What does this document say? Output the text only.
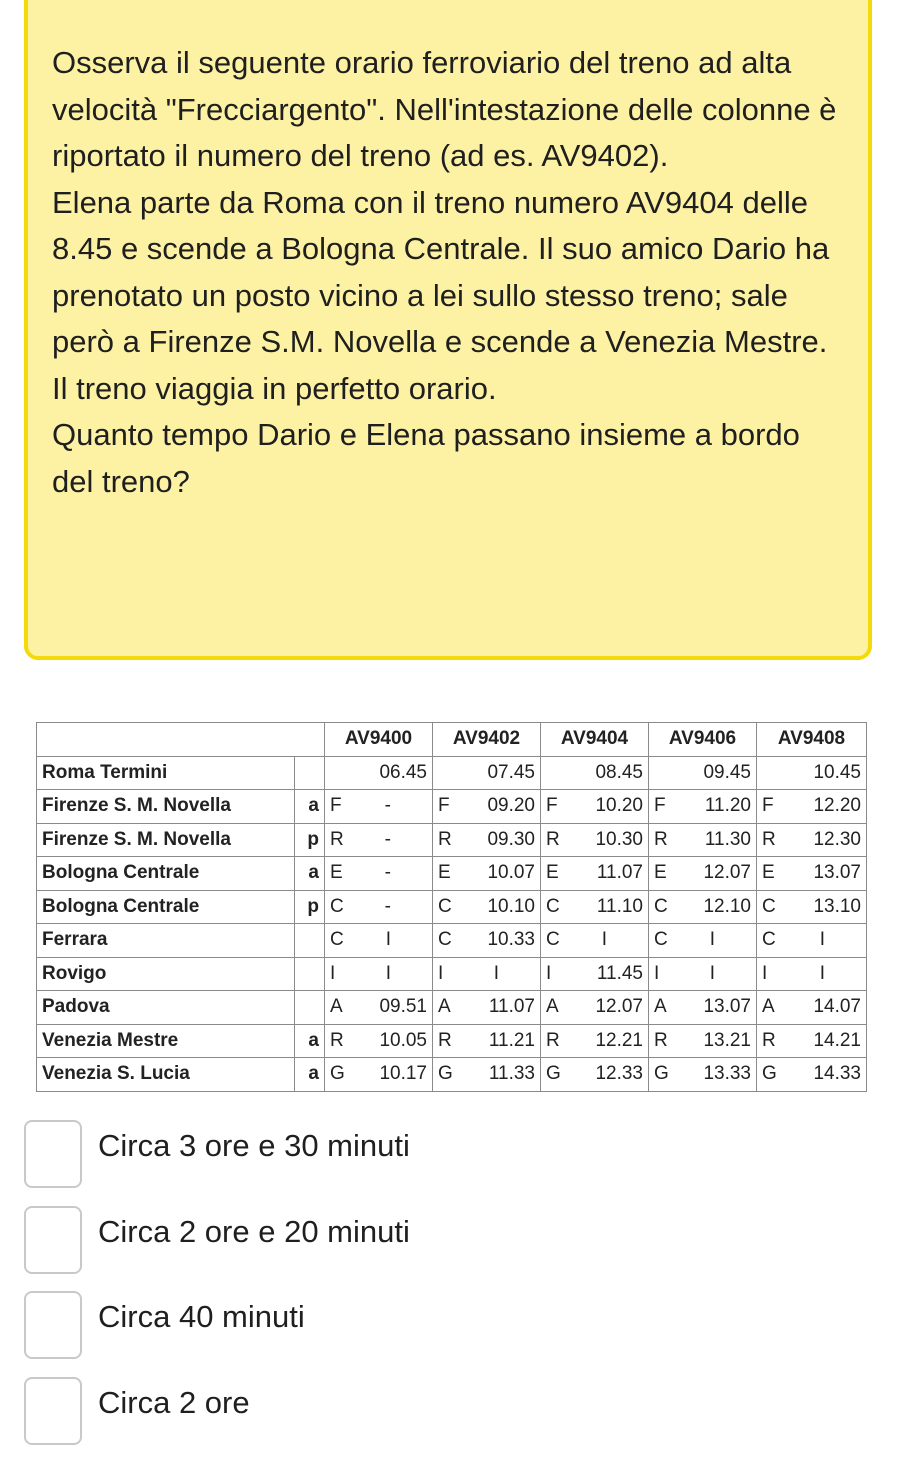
Osserva il seguente orario ferroviario del treno ad alta velocità "Frecciargento". Nell'intestazione delle colonne è riportato il numero del treno (ad es. AV9402).

Elena parte da Roma con il treno numero AV9404 delle 8.45 e scende a Bologna Centrale. Il suo amico Dario ha prenotato un posto vicino a lei sullo stesso treno; sale però a Firenze S.M. Novella e scende a Venezia Mestre. Il treno viaggia in perfetto orario.

Quanto tempo Dario e Elena passano insieme a bordo del treno?

		AV9400	AV9402	AV9404	AV9406	AV9408
Roma Termini		06.45	07.45	08.45	09.45	10.45

Firenze S. M. Novella	a	F -	F 09.20	F 10.20	F 11.20	F 12.20

Firenze S. M. Novella	p	R -	R 09.30	R 10.30	R 11.30	R 12.30

Bologna Centrale	a	E -	E 10.07	E 11.07	E 12.07	E 13.07

Bologna Centrale	p	C -	C 10.10	C 11.10	C 12.10	C 13.10

Ferrara		C I	C 10.33	C I	C I	C I

Rovigo		I I	I I	I 11.45	I I	I I

Padova		A 09.51	A 11.07	A 12.07	A 13.07	A 14.07

Venezia Mestre	a	R 10.05	R 11.21	R 12.21	R 13.21	R 14.21

Venezia S. Lucia	a	G 10.17	G 11.33	G 12.33	G 13.33	G 14.33
Circa 3 ore e 30 minuti
Circa 2 ore e 20 minuti
Circa 40 minuti
Circa 2 ore
